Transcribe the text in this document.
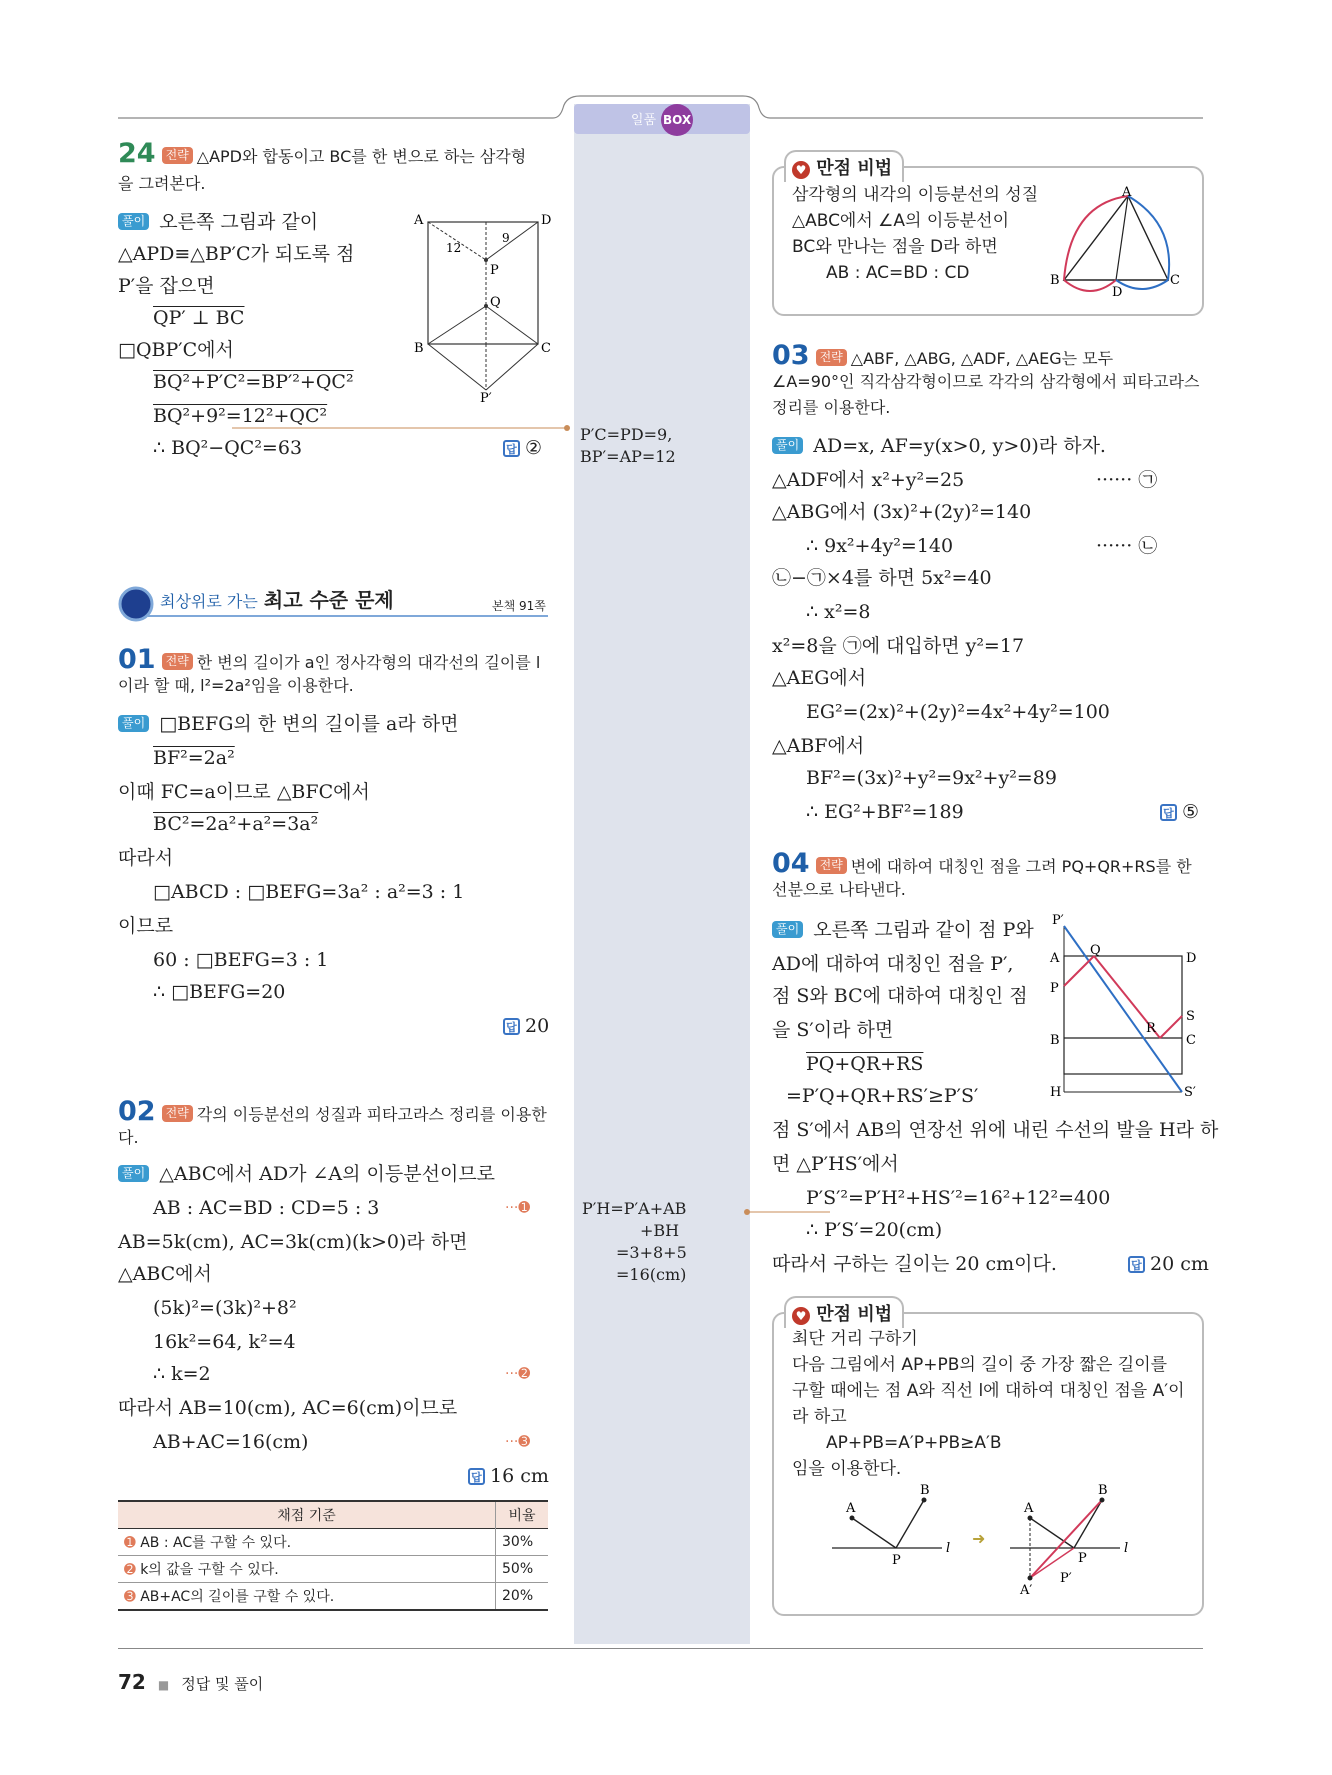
일품 BOX
24 전략 △APD와 합동이고 BC를 한 변으로 하는 삼각형
을 그려본다.
풀이 오른쪽 그림과 같이
△APD≡△BP′C가 되도록 점
P′을 잡으면
QP′ ⊥ BC
□QBP′C에서
BQ²+P′C²=BP′²+QC²
BQ²+9²=12²+QC²
∴ BQ²−QC²=63	답 ②
P′C=PD=9,
BP′=AP=12
A	D
B	C
P
Q
P′
12
9
최상위로 가는 최고 수준 문제	본책 91쪽
01 전략 한 변의 길이가 a인 정사각형의 대각선의 길이를 l
이라 할 때, l²=2a²임을 이용한다.
풀이 □BEFG의 한 변의 길이를 a라 하면
BF²=2a²
이때 FC=a이므로 △BFC에서
BC²=2a²+a²=3a²
따라서
□ABCD : □BEFG=3a² : a²=3 : 1
이므로
60 : □BEFG=3 : 1
∴ □BEFG=20
답 20
02 전략 각의 이등분선의 성질과 피타고라스 정리를 이용한
다.
풀이 △ABC에서 AD가 ∠A의 이등분선이므로
AB : AC=BD : CD=5 : 3	···➊
AB=5k(cm), AC=3k(cm)(k>0)라 하면
△ABC에서
(5k)²=(3k)²+8²
16k²=64, k²=4
∴ k=2	···➋
따라서 AB=10(cm), AC=6(cm)이므로
AB+AC=16(cm)	···➌
답 16 cm
채점 기준	비율
➊ AB : AC를 구할 수 있다.	30%
➋ k의 값을 구할 수 있다.	50%
➌ AB+AC의 길이를 구할 수 있다.	20%
P′H=P′A+AB
+BH
=3+8+5
=16(cm)
♥ 만점 비법
삼각형의 내각의 이등분선의 성질
△ABC에서 ∠A의 이등분선이
BC와 만나는 점을 D라 하면
AB : AC=BD : CD
A
B	C
D
03 전략 △ABF, △ABG, △ADF, △AEG는 모두
∠A=90°인 직각삼각형이므로 각각의 삼각형에서 피타고라스
정리를 이용한다.
풀이 AD=x, AF=y(x>0, y>0)라 하자.
△ADF에서 x²+y²=25	······ ㉠
△ABG에서 (3x)²+(2y)²=140
∴ 9x²+4y²=140	······ ㉡
㉡−㉠×4를 하면 5x²=40
∴ x²=8
x²=8을 ㉠에 대입하면 y²=17
△AEG에서
EG²=(2x)²+(2y)²=4x²+4y²=100
△ABF에서
BF²=(3x)²+y²=9x²+y²=89
∴ EG²+BF²=189	답 ⑤
04 전략 변에 대하여 대칭인 점을 그려 PQ+QR+RS를 한
선분으로 나타낸다.
풀이 오른쪽 그림과 같이 점 P와
AD에 대하여 대칭인 점을 P′,
점 S와 BC에 대하여 대칭인 점
을 S′이라 하면
PQ+QR+RS
=P′Q+QR+RS′≥P′S′
점 S′에서 AB의 연장선 위에 내린 수선의 발을 H라 하
면 △P′HS′에서
P′S′²=P′H²+HS′²=16²+12²=400
∴ P′S′=20(cm)
따라서 구하는 길이는 20 cm이다.	답 20 cm
P′
A
Q
D
P
S
R
B	C
H	S′
♥ 만점 비법
최단 거리 구하기
다음 그림에서 AP+PB의 길이 중 가장 짧은 길이를
구할 때에는 점 A와 직선 l에 대하여 대칭인 점을 A′이
라 하고
AP+PB=A′P+PB≥A′B
임을 이용한다.
A
B
P
l
➜
A
B
P
l
A′
P′
72 ■ 정답 및 풀이
